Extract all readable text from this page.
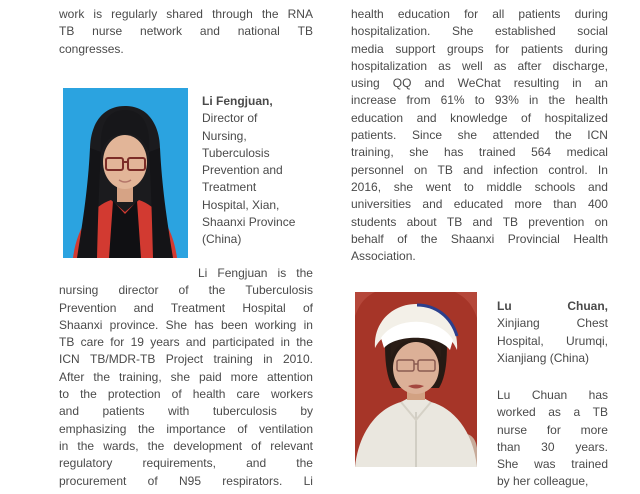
work is regularly shared through the RNA
TB nurse network and national TB
congresses.
Li Fengjuan,
Director of
Nursing,
Tuberculosis
Prevention and
Treatment
Hospital, Xian,
Shaanxi Province
(China)
Li Fengjuan is the
nursing director of the Tuberculosis
Prevention and Treatment Hospital of
Shaanxi province. She has been working in
TB care for 19 years and participated in the
ICN TB/MDR-TB Project training in 2010.
After the training, she paid more attention
to the protection of health care workers
and patients with tuberculosis by
emphasizing the importance of ventilation
in the wards, the development of relevant
regulatory	requirements,	and	the
procurement of N95 respirators. Li
health education for all patients during
hospitalization. She established social
media support groups for patients during
hospitalization as well as after discharge,
using QQ and WeChat resulting in an
increase from 61% to 93% in the health
education and knowledge of hospitalized
patients. Since she attended the ICN
training, she has trained 564 medical
personnel on TB and infection control. In
2016, she went to middle schools and
universities and educated more than 400
students about TB and TB prevention on
behalf of the Shaanxi Provincial Health
Association.
Lu	Chuan,
Xinjiang	Chest
Hospital, Urumqi,
Xianjiang (China)
Lu Chuan has
worked as a TB
nurse for more
than 30 years.
She was trained
by her colleague,
